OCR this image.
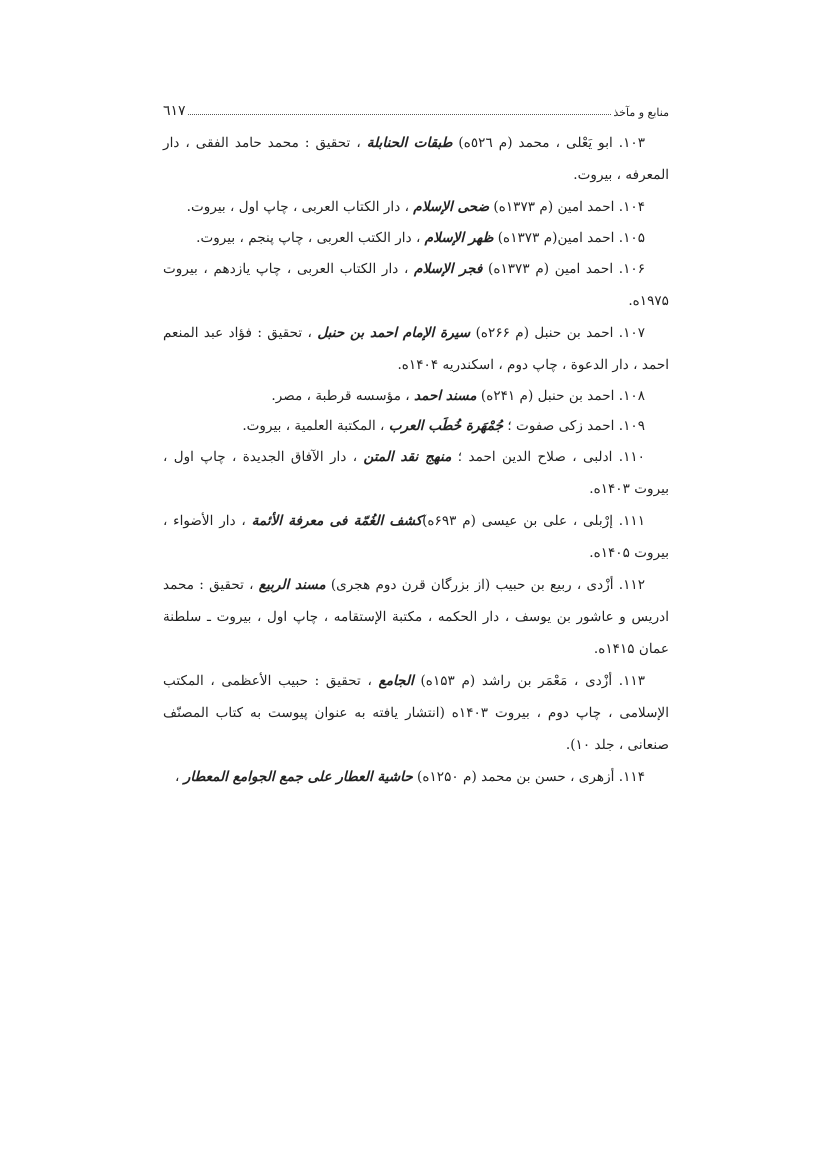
منابع و مآخذ
٦١٧

۱۰۳. ابو يَعْلى ، محمد (م ٥٢٦ه) طبقات الحنابلة ، تحقيق : محمد حامد الفقى ، دار المعرفه ، بيروت.

۱۰۴. احمد امين (م ۱۳۷۳ه) ضحى الإسلام ، دار الكتاب العربى ، چاپ اول ، بيروت.

۱۰۵. احمد امين(م ۱۳۷۳ه) ظهر الإسلام ، دار الكتب العربى ، چاپ پنجم ، بيروت.

۱۰۶. احمد امين (م ۱۳۷۳ه) فجر الإسلام ، دار الكتاب العربى ، چاپ يازدهم ، بيروت ۱۹۷۵ه.

۱۰۷. احمد بن حنبل (م ۲۶۶ه) سيرة الإمام احمد بن حنبل ، تحقيق : فؤاد عبد المنعم احمد ، دار الدعوة ، چاپ دوم ، اسكندريه ۱۴۰۴ه.

۱۰۸. احمد بن حنبل (م ۲۴۱ه) مسند احمد ، مؤسسه قرطبة ، مصر.

۱۰۹. احمد زكى صفوت ؛ جُمْهَرة خُطَب العرب ، المكتبة العلمية ، بيروت.

۱۱۰. ادلبى ، صلاح الدين احمد ؛ منهج نقد المتن ، دار الآفاق الجديدة ، چاپ اول ، بيروت ۱۴۰۳ه.

۱۱۱. إرْبلى ، على بن عيسى (م ۶۹۳ه)كشف الغُمّة فى معرفة الأئمة ، دار الأضواء ، بيروت ۱۴۰۵ه.

۱۱۲. أزْدى ، ربيع بن حبيب (از بزرگان قرن دوم هجرى) مسند الربيع ، تحقيق : محمد ادريس و عاشور بن يوسف ، دار الحكمه ، مكتبة الإستقامه ، چاپ اول ، بيروت ـ سلطنة عمان ۱۴۱۵ه.

۱۱۳. أزْدى ، مَعْمَر بن راشد (م ۱۵۳ه) الجامع ، تحقيق : حبيب الأعظمى ، المكتب الإسلامى ، چاپ دوم ، بيروت ۱۴۰۳ه (انتشار يافته به عنوان پيوست به كتاب المصنّف صنعانى ، جلد ۱۰).

۱۱۴. أزهرى ، حسن بن محمد (م ۱۲۵۰ه) حاشية العطار على جمع الجوامع المعطار ،
